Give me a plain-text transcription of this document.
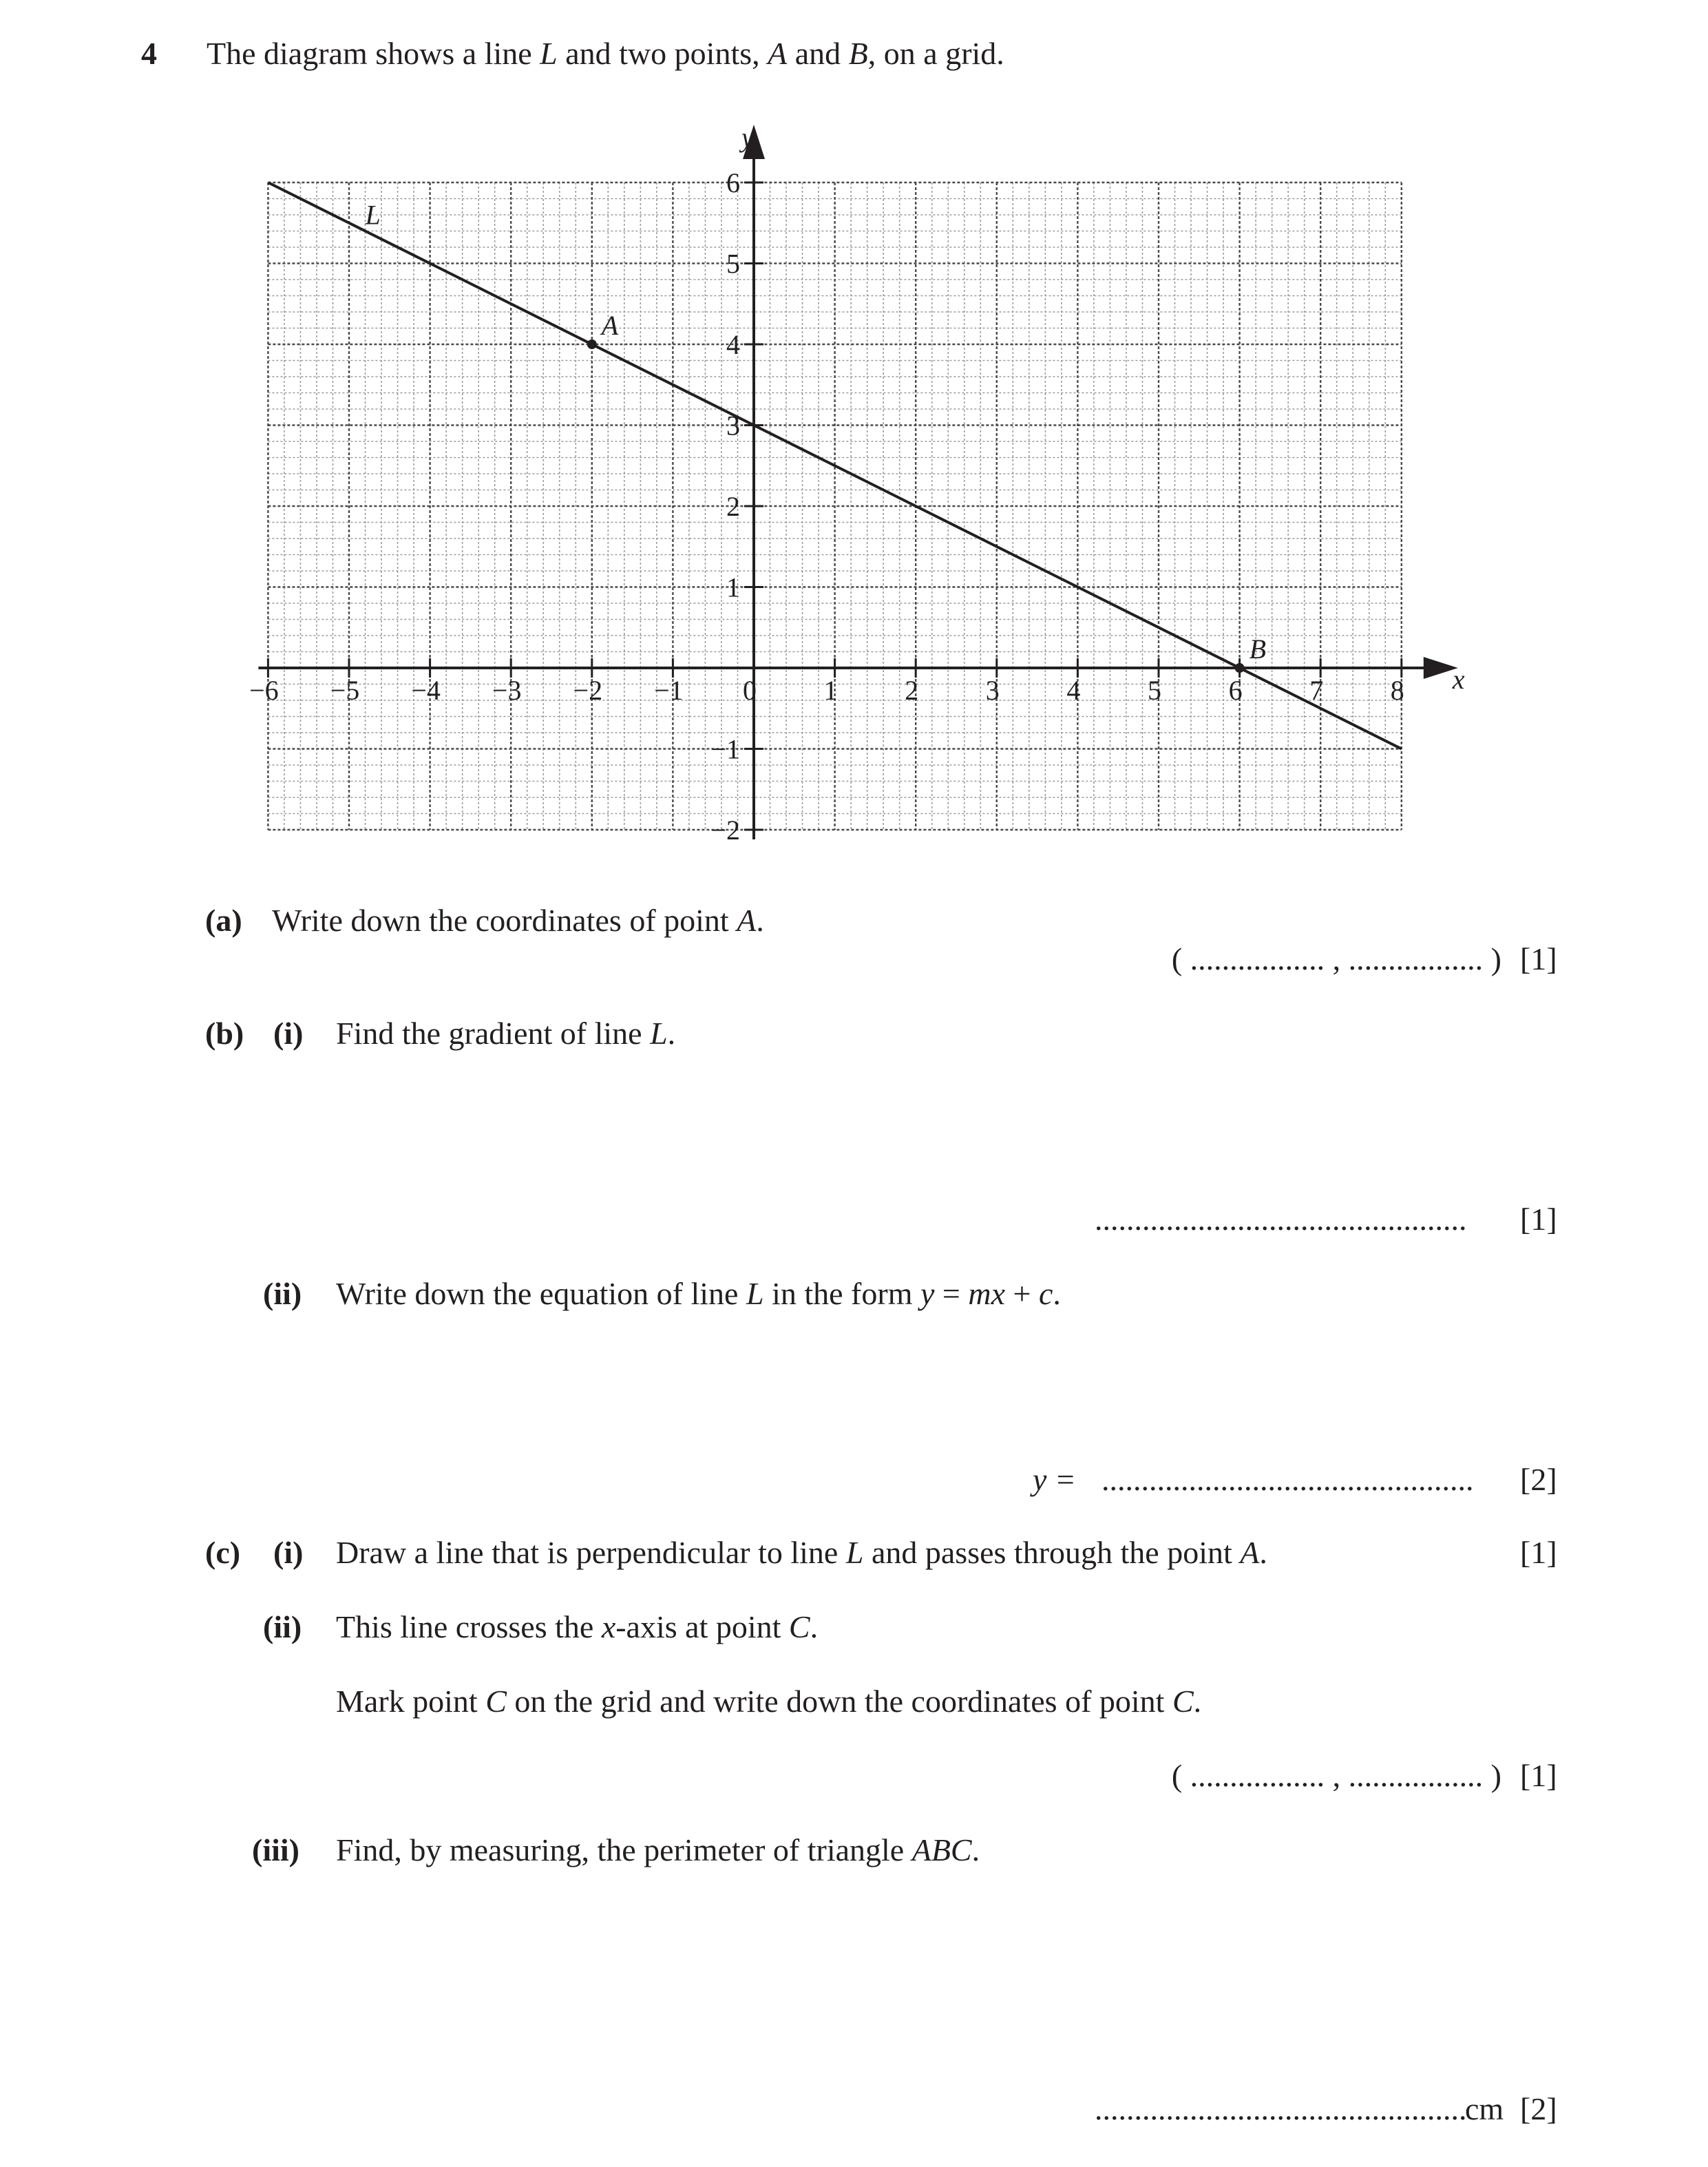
4 The diagram shows a line L and two points, A and B, on a grid.
x
y
−6 −5 −4 −3 −2 −1 0 1 2 3 4 5 6 7 8
6
5
4
3
2
1
−1
−2
L
A
B
(a) Write down the coordinates of point A.
( ................. , ................. ) [1]
(b) (i) Find the gradient of line L.
............................................... [1]
(ii) Write down the equation of line L in the form y = mx + c.
y = ............................................... [2]
(c) (i) Draw a line that is perpendicular to line L and passes through the point A.	[1]
(ii) This line crosses the x-axis at point C.
Mark point C on the grid and write down the coordinates of point C.
( ................. , ................. ) [1]
(iii) Find, by measuring, the perimeter of triangle ABC.
...............................................
cm [2]
